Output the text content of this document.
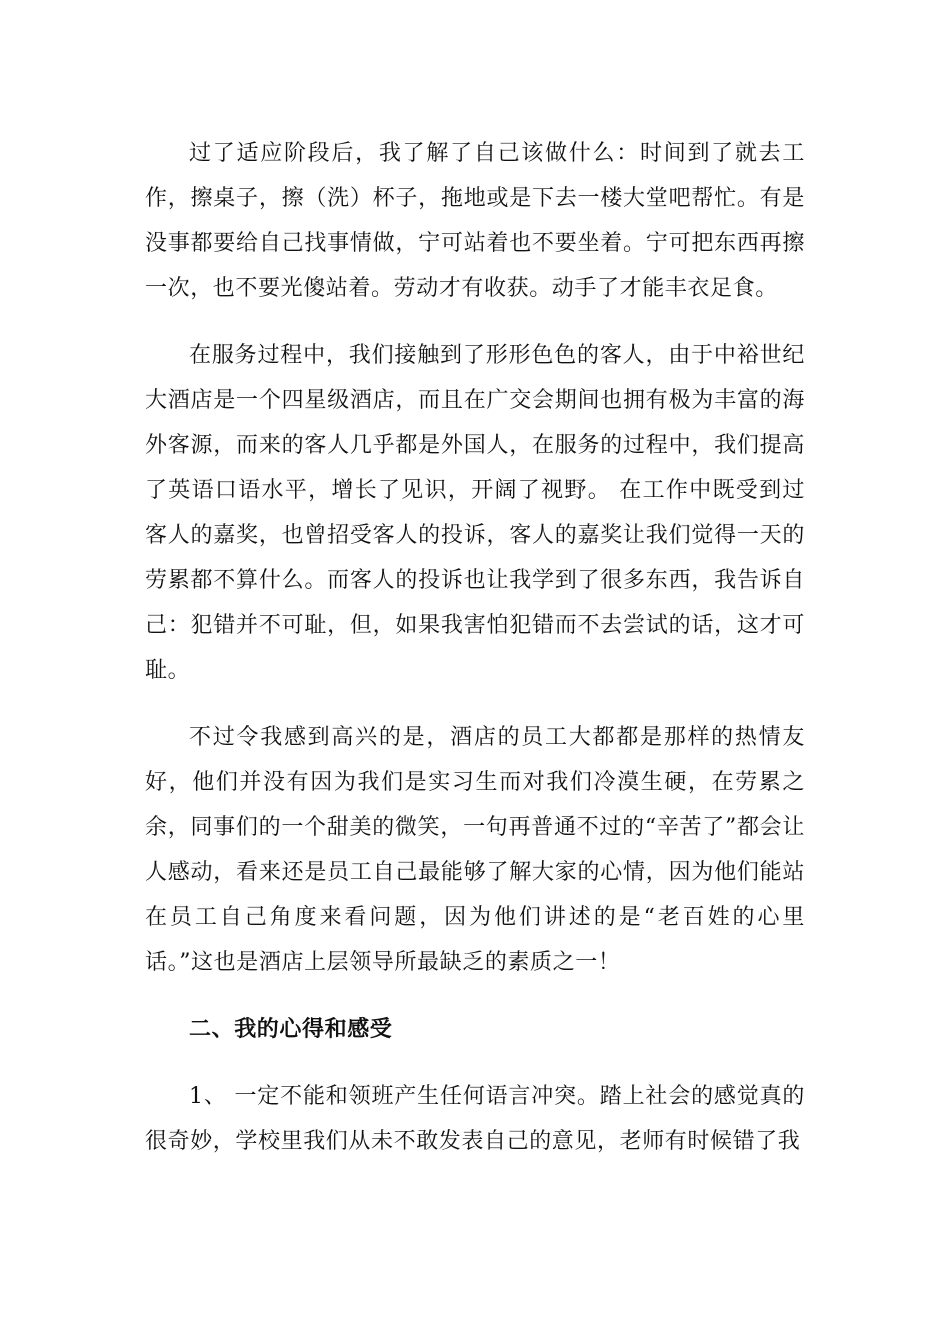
过了适应阶段后，我了解了自己该做什么：时间到了就去工作，擦桌子，擦（洗）杯子，拖地或是下去一楼大堂吧帮忙。有是没事都要给自己找事情做，宁可站着也不要坐着。宁可把东西再擦一次，也不要光傻站着。劳动才有收获。动手了才能丰衣足食。

在服务过程中，我们接触到了形形色色的客人，由于中裕世纪大酒店是一个四星级酒店，而且在广交会期间也拥有极为丰富的海外客源，而来的客人几乎都是外国人，在服务的过程中，我们提高了英语口语水平，增长了见识，开阔了视野。 在工作中既受到过客人的嘉奖，也曾招受客人的投诉，客人的嘉奖让我们觉得一天的劳累都不算什么。而客人的投诉也让我学到了很多东西，我告诉自己：犯错并不可耻，但，如果我害怕犯错而不去尝试的话，这才可耻。

不过令我感到高兴的是，酒店的员工大都都是那样的热情友好，他们并没有因为我们是实习生而对我们冷漠生硬，在劳累之余，同事们的一个甜美的微笑，一句再普通不过的“辛苦了”都会让人感动，看来还是员工自己最能够了解大家的心情，因为他们能站在员工自己角度来看问题，因为他们讲述的是“老百姓的心里话。”这也是酒店上层领导所最缺乏的素质之一！

二、我的心得和感受

1、 一定不能和领班产生任何语言冲突。踏上社会的感觉真的很奇妙，学校里我们从未不敢发表自己的意见，老师有时候错了我
